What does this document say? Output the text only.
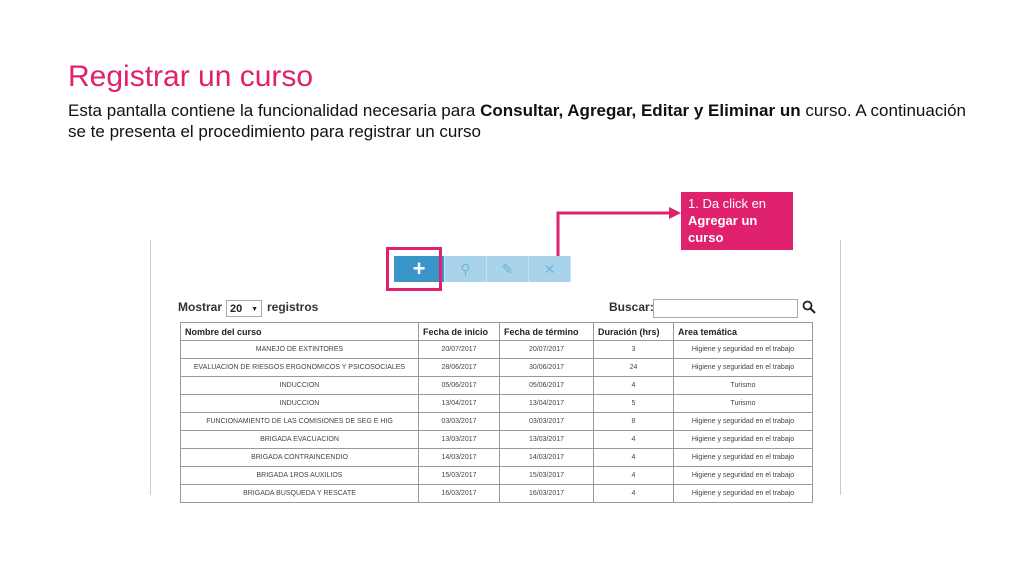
Registrar un curso

Esta pantalla contiene la funcionalidad necesaria para Consultar, Agregar, Editar y Eliminar un curso. A continuación se te presenta el procedimiento para registrar un curso

1. Da click en
Agregar un curso
+	⚲	✎	✕
Mostrar 20 ▼ registros	Buscar:
Nombre del curso	Fecha de inicio	Fecha de término	Duración (hrs)	Area temática
MANEJO DE EXTINTORES	20/07/2017	20/07/2017	3	Higiene y seguridad en el trabajo
EVALUACION DE RIESGOS ERGONOMICOS Y PSICOSOCIALES	28/06/2017	30/06/2017	24	Higiene y seguridad en el trabajo
INDUCCION	05/06/2017	05/06/2017	4	Turismo
INDUCCION	13/04/2017	13/04/2017	5	Turismo
FUNCIONAMIENTO DE LAS COMISIONES DE SEG E HIG	03/03/2017	03/03/2017	8	Higiene y seguridad en el trabajo
BRIGADA EVACUACION	13/03/2017	13/03/2017	4	Higiene y seguridad en el trabajo
BRIGADA CONTRAINCENDIO	14/03/2017	14/03/2017	4	Higiene y seguridad en el trabajo
BRIGADA 1ROS AUXILIOS	15/03/2017	15/03/2017	4	Higiene y seguridad en el trabajo
BRIGADA BUSQUEDA Y RESCATE	16/03/2017	16/03/2017	4	Higiene y seguridad en el trabajo
